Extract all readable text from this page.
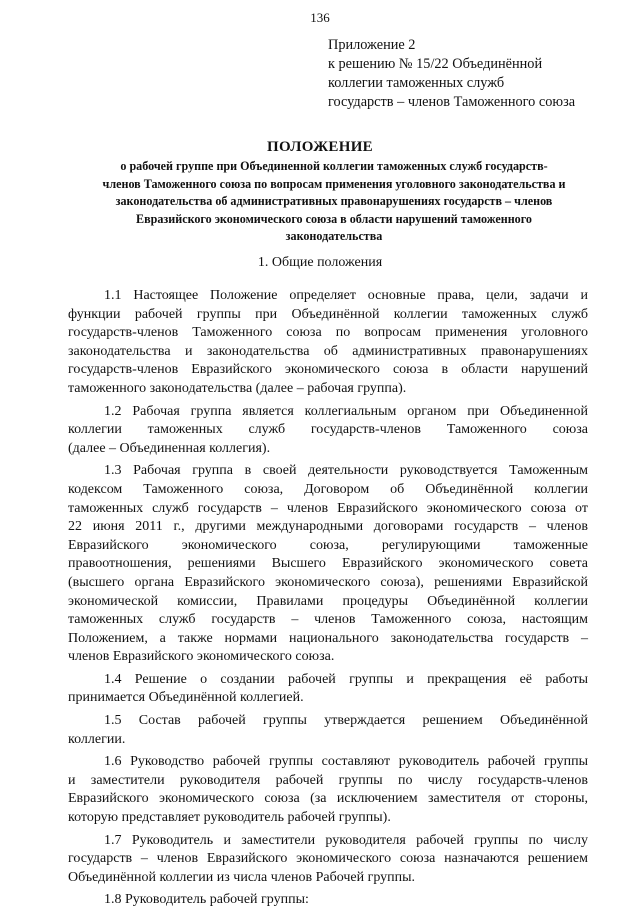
136
Приложение 2
к решению № 15/22 Объединённой
коллегии таможенных служб
государств – членов Таможенного союза
ПОЛОЖЕНИЕ
о рабочей группе при Объединенной коллегии таможенных служб государств-
членов Таможенного союза по вопросам применения уголовного законодательства и
законодательства об административных правонарушениях государств – членов
Евразийского экономического союза в области нарушений таможенного
законодательства
1. Общие положения
1.1 Настоящее Положение определяет основные права, цели, задачи и
функции рабочей группы при Объединённой коллегии таможенных служб
государств-членов Таможенного союза по вопросам применения уголовного
законодательства и законодательства об административных правонарушениях
государств-членов Евразийского экономического союза в области нарушений
таможенного законодательства (далее – рабочая группа).
1.2 Рабочая группа является коллегиальным органом при Объединенной
коллегии таможенных служб государств-членов Таможенного союза
(далее – Объединенная коллегия).
1.3 Рабочая группа в своей деятельности руководствуется Таможенным
кодексом Таможенного союза, Договором об Объединённой коллегии
таможенных служб государств – членов Евразийского экономического союза от
22 июня 2011 г., другими международными договорами государств – членов
Евразийского экономического союза, регулирующими таможенные
правоотношения, решениями Высшего Евразийского экономического совета
(высшего органа Евразийского экономического союза), решениями Евразийской
экономической комиссии, Правилами процедуры Объединённой коллегии
таможенных служб государств – членов Таможенного союза, настоящим
Положением, а также нормами национального законодательства государств –
членов Евразийского экономического союза.
1.4 Решение о создании рабочей группы и прекращения её работы
принимается Объединённой коллегией.
1.5 Состав рабочей группы утверждается решением Объединённой
коллегии.
1.6 Руководство рабочей группы составляют руководитель рабочей группы
и заместители руководителя рабочей группы по числу государств-членов
Евразийского экономического союза (за исключением заместителя от стороны,
которую представляет руководитель рабочей группы).
1.7 Руководитель и заместители руководителя рабочей группы по числу
государств – членов Евразийского экономического союза назначаются решением
Объединённой коллегии из числа членов Рабочей группы.
1.8 Руководитель рабочей группы:
